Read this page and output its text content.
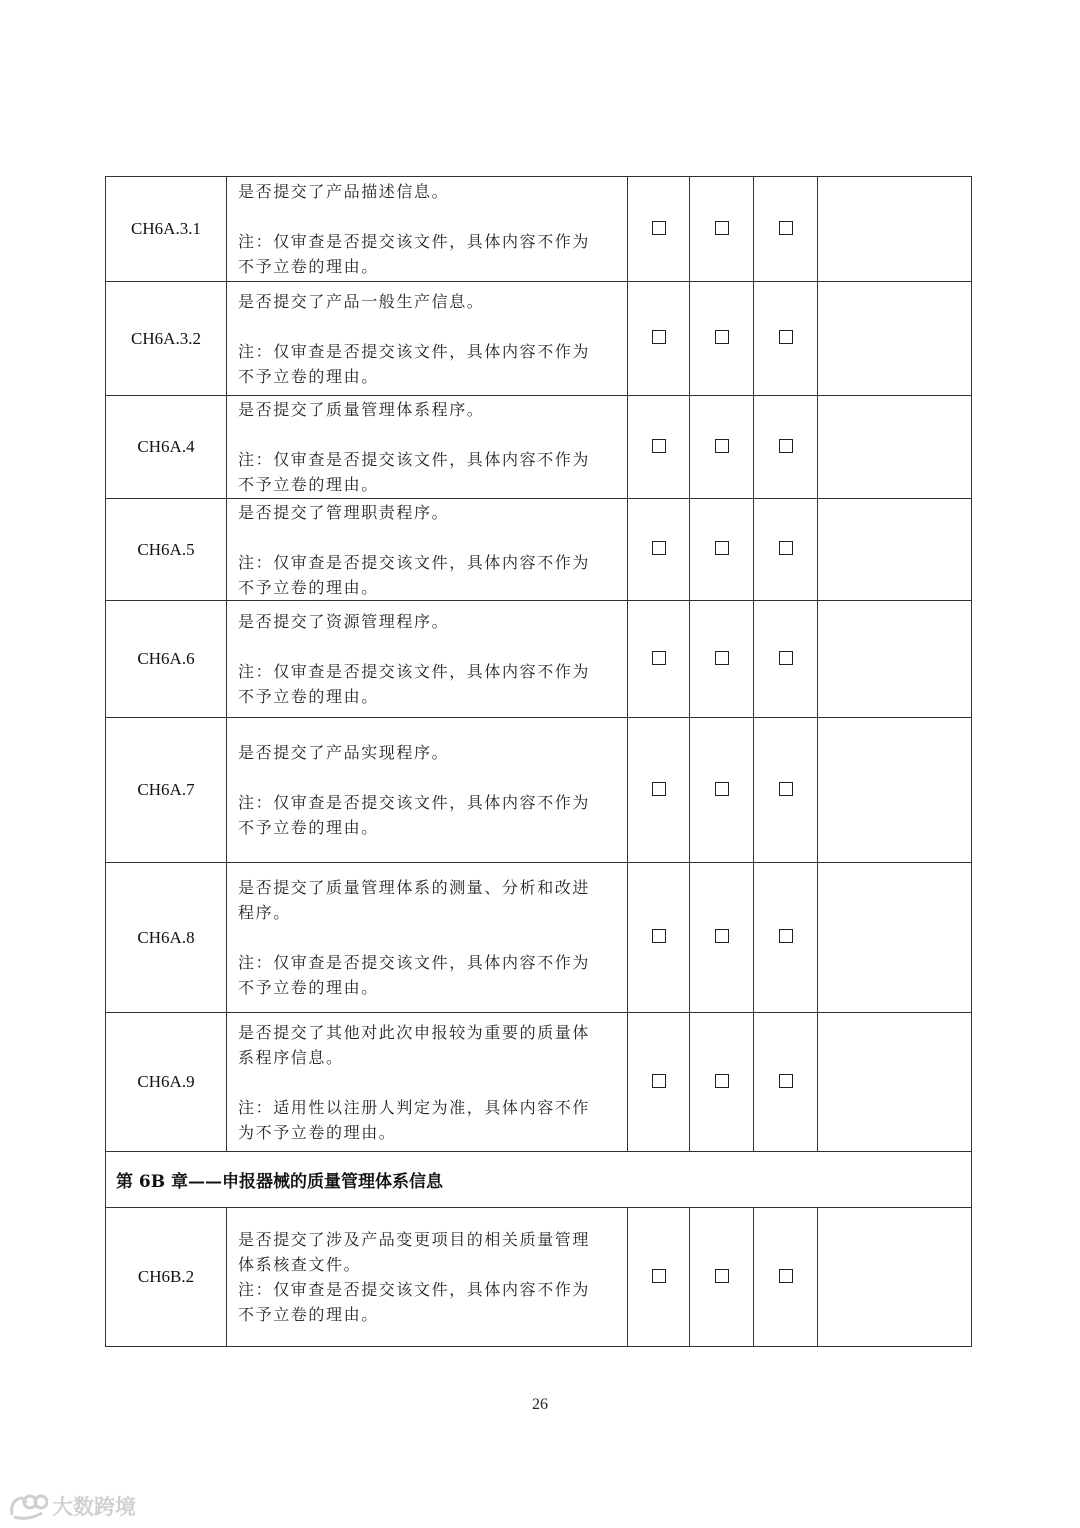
CH6A.3.1	是否提交了产品描述信息。
注：仅审查是否提交该文件，具体内容不作为
不予立卷的理由。				

CH6A.3.2	是否提交了产品一般生产信息。
注：仅审查是否提交该文件，具体内容不作为
不予立卷的理由。				

CH6A.4	是否提交了质量管理体系程序。
注：仅审查是否提交该文件，具体内容不作为
不予立卷的理由。				

CH6A.5	是否提交了管理职责程序。
注：仅审查是否提交该文件，具体内容不作为
不予立卷的理由。				

CH6A.6	是否提交了资源管理程序。
注：仅审查是否提交该文件，具体内容不作为
不予立卷的理由。				

CH6A.7	是否提交了产品实现程序。
注：仅审查是否提交该文件，具体内容不作为
不予立卷的理由。				

CH6A.8	是否提交了质量管理体系的测量、分析和改进
程序。
注：仅审查是否提交该文件，具体内容不作为
不予立卷的理由。				

CH6A.9	是否提交了其他对此次申报较为重要的质量体
系程序信息。
注：适用性以注册人判定为准，具体内容不作
为不予立卷的理由。				

第 6B 章——申报器械的质量管理体系信息					
CH6B.2	是否提交了涉及产品变更项目的相关质量管理
体系核查文件。
注：仅审查是否提交该文件，具体内容不作为
不予立卷的理由。				

26
大数跨境
